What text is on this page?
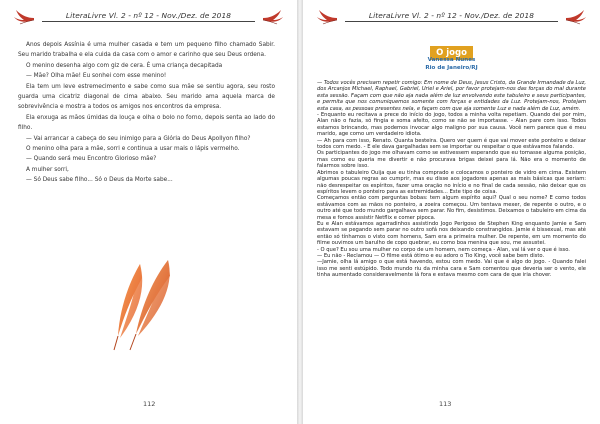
LiteraLivre Vl. 2 - nº 12 - Nov./Dez. de 2018

Anos depois Assínia é uma mulher casada e tem um pequeno filho chamado Sabir. Seu marido trabalha e ela cuida da casa com o amor e carinho que seu Deus ordena.

O menino desenha algo com giz de cera. É uma criança decapitada

— Mãe? Olha mãe! Eu sonhei com esse menino!

Ela tem um leve estremecimento e sabe como sua mãe se sentiu agora, seu rosto guarda uma cicatriz diagonal de cima abaixo. Seu marido ama aquela marca de sobrevivência e mostra a todos os amigos nos encontros da empresa.

Ela enxuga as mãos úmidas da louça e olha o bolo no forno, depois senta ao lado do filho.

— Vai arrancar a cabeça do seu inimigo para a Glória do Deus Apollyon filho?

O menino olha para a mãe, sorri e continua a usar mais o lápis vermelho.

— Quando será meu Encontro Glorioso mãe?

A mulher sorri,

— Só Deus sabe filho... Só o Deus da Morte sabe...

112
LiteraLivre Vl. 2 - nº 12 - Nov./Dez. de 2018
O jogo
Vanessa Nunes
Rio de Janeiro/RJ

— Todos vocês precisam repetir comigo: Em nome de Deus, Jesus Cristo, da Grande Irmandade da Luz, dos Arcanjos Michael, Raphael, Gabriel, Uriel e Ariel, por favor protejam-nos das forças do mal durante esta sessão. Façam com que não aja nada além de luz envolvendo este tabuleiro e seus participantes, e permita que nos comuniquemos somente com forças e entidades da Luz. Protejam-nos, Protejam esta casa, as pessoas presentes nela, e façam com que aja somente Luz e nada além de Luz, amém.

- Enquanto eu recitava a prece do início do jogo, todos a minha volta repetiam. Quando dei por mim, Alan não o fazia, só fingia e soma afeito, como se não se importasse. - Alan pare com isso. Todos estamos brincando, mas podemos invocar algo maligno por sua causa. Você nem parece que é meu marido, age como um verdadeiro idiota.

— Ah para com isso, Renato. Quanta besteira. Quero ver quem é que vai mover este ponteiro e deixar todos com medo. - E ele dava gargalhadas sem se importar ou respeitar o que estávamos falando.

Os participantes do jogo me olhavam como se estivessem esperando que eu tomasse alguma posição, mas como eu queria me divertir e não procurava brigas deixei para lá. Não era o momento de falarmos sobre isso.

Abrimos o tabuleiro Ouija que eu tinha comprado e colocamos o ponteiro de vidro em cima. Existem algumas poucas regras ao cumprir, mas eu disse aos jogadores apenas as mais básicas que seriam: não desrespeitar os espíritos, fazer uma oração no início e no final de cada sessão, não deixar que os espíritos levem o ponteiro para as extremidades... Este tipo de coisa.

Começamos então com perguntas bobas: tem algum espírito aqui? Qual o seu nome? E como todos estávamos com as mãos no ponteiro, a zoeira começou. Um tentava mexer, de repente o outro, e o outro até que todo mundo gargalhava sem parar. No fim, desistimos. Deixamos o tabuleiro em cima da mesa e fomos assistir Netflix e comer pipoca.

Eu e Alan estávamos agarradinhos assistindo Jogo Perigoso de Stephen King enquanto Jamie e Sam estavam se pegando sem parar no outro sofá nos deixando constrangidos. Jamie é bissexual, mas até então só tínhamos o visto com homens, Sam era a primeira mulher. De repente, em um momento do filme ouvimos um barulho de copo quebrar, eu como boa menina que sou, me assustei.

- O que? Eu sou uma mulher no corpo de um homem, nem começa - Alan, vai lá ver o que é isso.

— Eu não - Reclamou — O filme está ótimo e eu adoro o Tio King, você sabe bem disto.

—Jamie, olha lá amigo o que está havendo, estou com medo. Vai que é algo do jogo. - Quando falei isso me senti estúpido. Todo mundo riu da minha cara e Sam comentou que deveria ser o vento, ele tinha aumentado consideravelmente lá fora e estava mesmo com cara de que iria chover.

113
